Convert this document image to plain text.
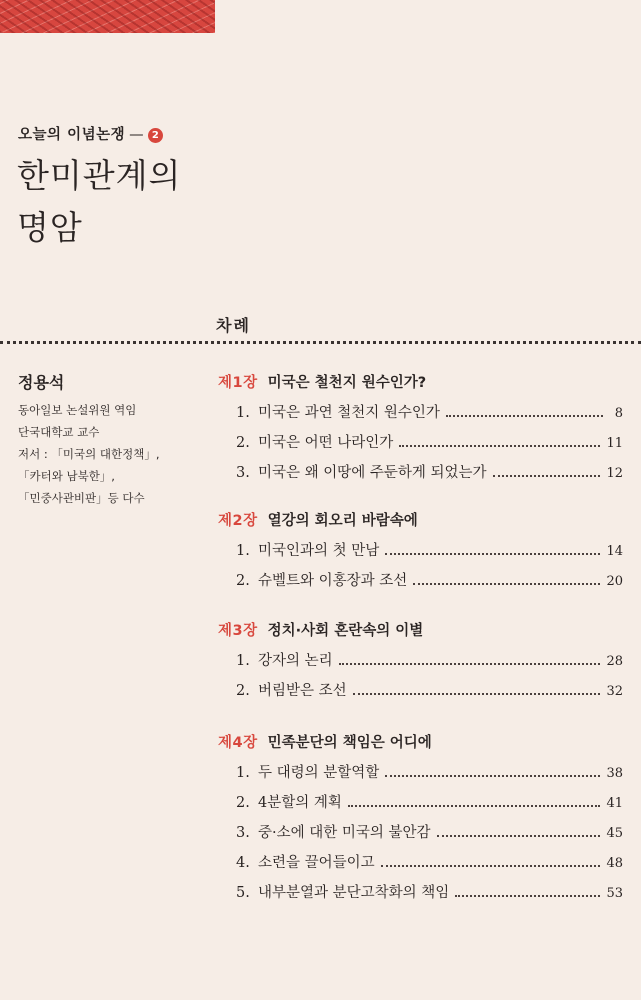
오늘의 이념논쟁 — 2
한미관계의
명암
차례
정용석
동아일보 논설위원 역임
단국대학교 교수
저서 : 「미국의 대한정책」,
「카터와 남북한」,
「민중사관비판」등 다수
제1장 미국은 철천지 원수인가?
1. 미국은 과연 철천지 원수인가	8
2. 미국은 어떤 나라인가	11
3. 미국은 왜 이땅에 주둔하게 되었는가	12
제2장 열강의 회오리 바람속에
1. 미국인과의 첫 만남	14
2. 슈벨트와 이홍장과 조선	20
제3장 정치·사회 혼란속의 이별
1. 강자의 논리	28
2. 버림받은 조선	32
제4장 민족분단의 책임은 어디에
1. 두 대령의 분할역할	38
2. 4분할의 계획	41
3. 중·소에 대한 미국의 불안감	45
4. 소련을 끌어들이고	48
5. 내부분열과 분단고착화의 책임	53
